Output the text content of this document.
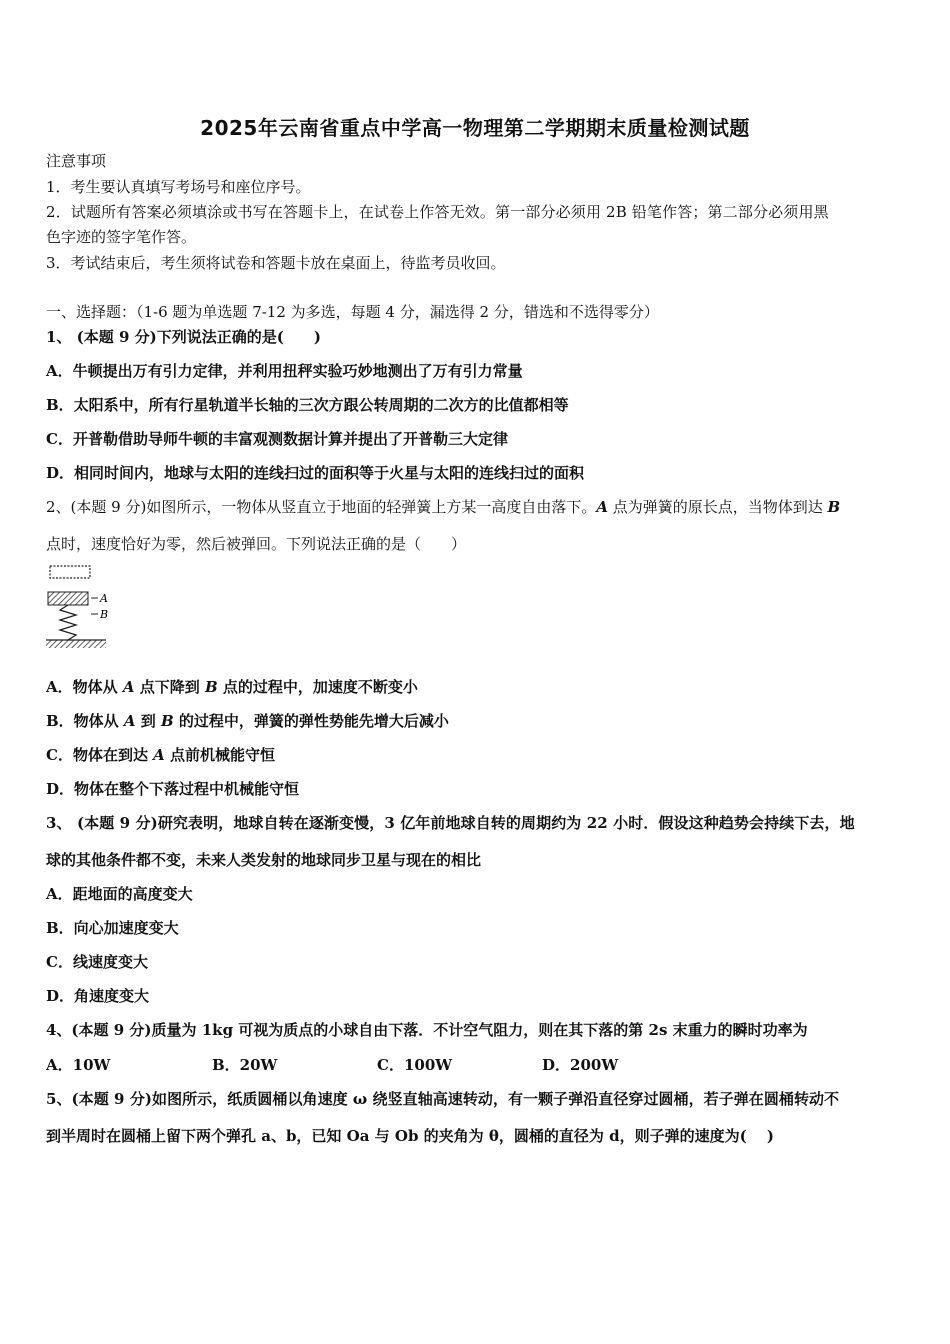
2025年云南省重点中学高一物理第二学期期末质量检测试题
注意事项
1．考生要认真填写考场号和座位序号。
2．试题所有答案必须填涂或书写在答题卡上，在试卷上作答无效。第一部分必须用 2B 铅笔作答；第二部分必须用黑
色字迹的签字笔作答。
3．考试结束后，考生须将试卷和答题卡放在桌面上，待监考员收回。
一、选择题：（1-6 题为单选题 7-12 为多选，每题 4 分，漏选得 2 分，错选和不选得零分）
1、 (本题 9 分)下列说法正确的是(　　)
A．牛顿提出万有引力定律，并利用扭秤实验巧妙地测出了万有引力常量
B．太阳系中，所有行星轨道半长轴的三次方跟公转周期的二次方的比值都相等
C．开普勒借助导师牛顿的丰富观测数据计算并提出了开普勒三大定律
D．相同时间内，地球与太阳的连线扫过的面积等于火星与太阳的连线扫过的面积
2、(本题 9 分)如图所示，一物体从竖直立于地面的轻弹簧上方某一高度自由落下。A 点为弹簧的原长点，当物体到达 B
点时，速度恰好为零，然后被弹回。下列说法正确的是（　　）
A
B
A．物体从 A 点下降到 B 点的过程中，加速度不断变小
B．物体从 A 到 B 的过程中，弹簧的弹性势能先增大后减小
C．物体在到达 A 点前机械能守恒
D．物体在整个下落过程中机械能守恒
3、 (本题 9 分)研究表明，地球自转在逐渐变慢，3 亿年前地球自转的周期约为 22 小时．假设这种趋势会持续下去，地
球的其他条件都不变，未来人类发射的地球同步卫星与现在的相比
A．距地面的高度变大
B．向心加速度变大
C．线速度变大
D．角速度变大
4、(本题 9 分)质量为 1kg 可视为质点的小球自由下落．不计空气阻力，则在其下落的第 2s 末重力的瞬时功率为
A．10W	B．20W	C．100W	D．200W
5、(本题 9 分)如图所示，纸质圆桶以角速度 ω 绕竖直轴高速转动，有一颗子弹沿直径穿过圆桶，若子弹在圆桶转动不
到半周时在圆桶上留下两个弹孔 a、b，已知 Oa 与 Ob 的夹角为 θ，圆桶的直径为 d，则子弹的速度为(　 )
